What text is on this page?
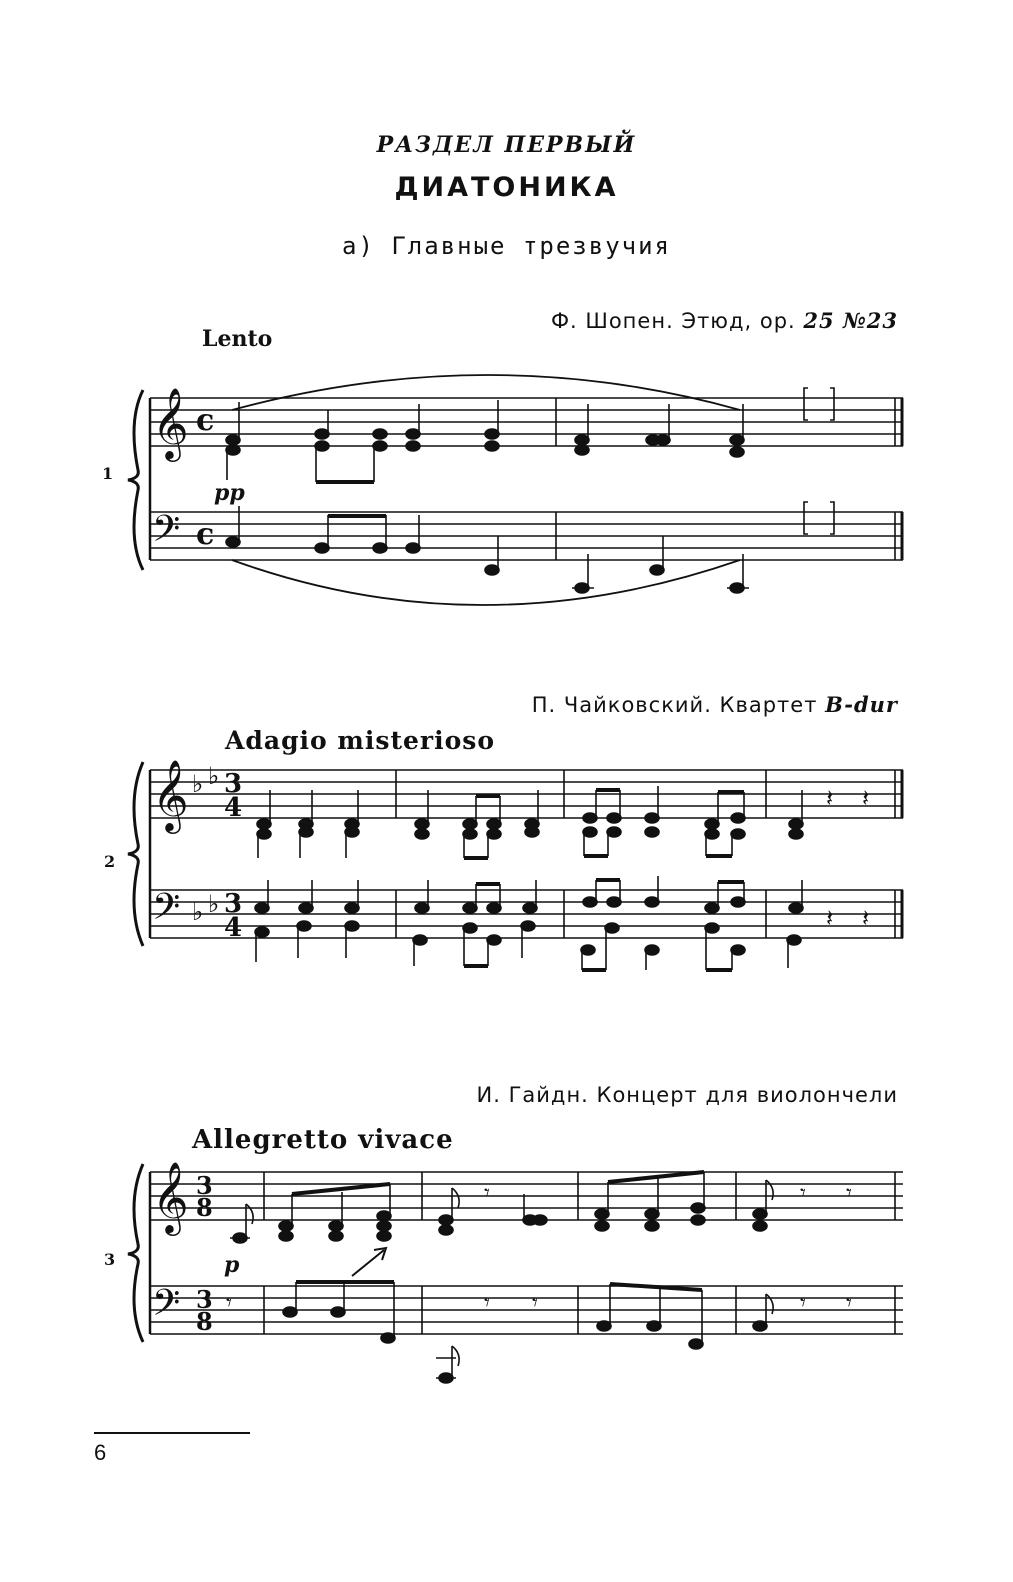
РАЗДЕЛ ПЕРВЫЙ
ДИАТОНИКА
а) Главные трезвучия
Ф. Шопен. Этюд, ор. 25 №23
Lento
1
pp
𝄞
𝄢
c
c
П. Чайковский. Квартет B-dur
Adagio misterioso
2
𝄞
𝄢
♭ ♭
♭ ♭
3
4
3
4
𝄽 𝄽
𝄽 𝄽
И. Гайдн. Концерт для виолончели
Allegretto vivace
3	p
𝄞
𝄢
3
8
3
8
𝄾
𝄾
𝄾 𝄾
𝄾 𝄾
𝄾 𝄾
6
